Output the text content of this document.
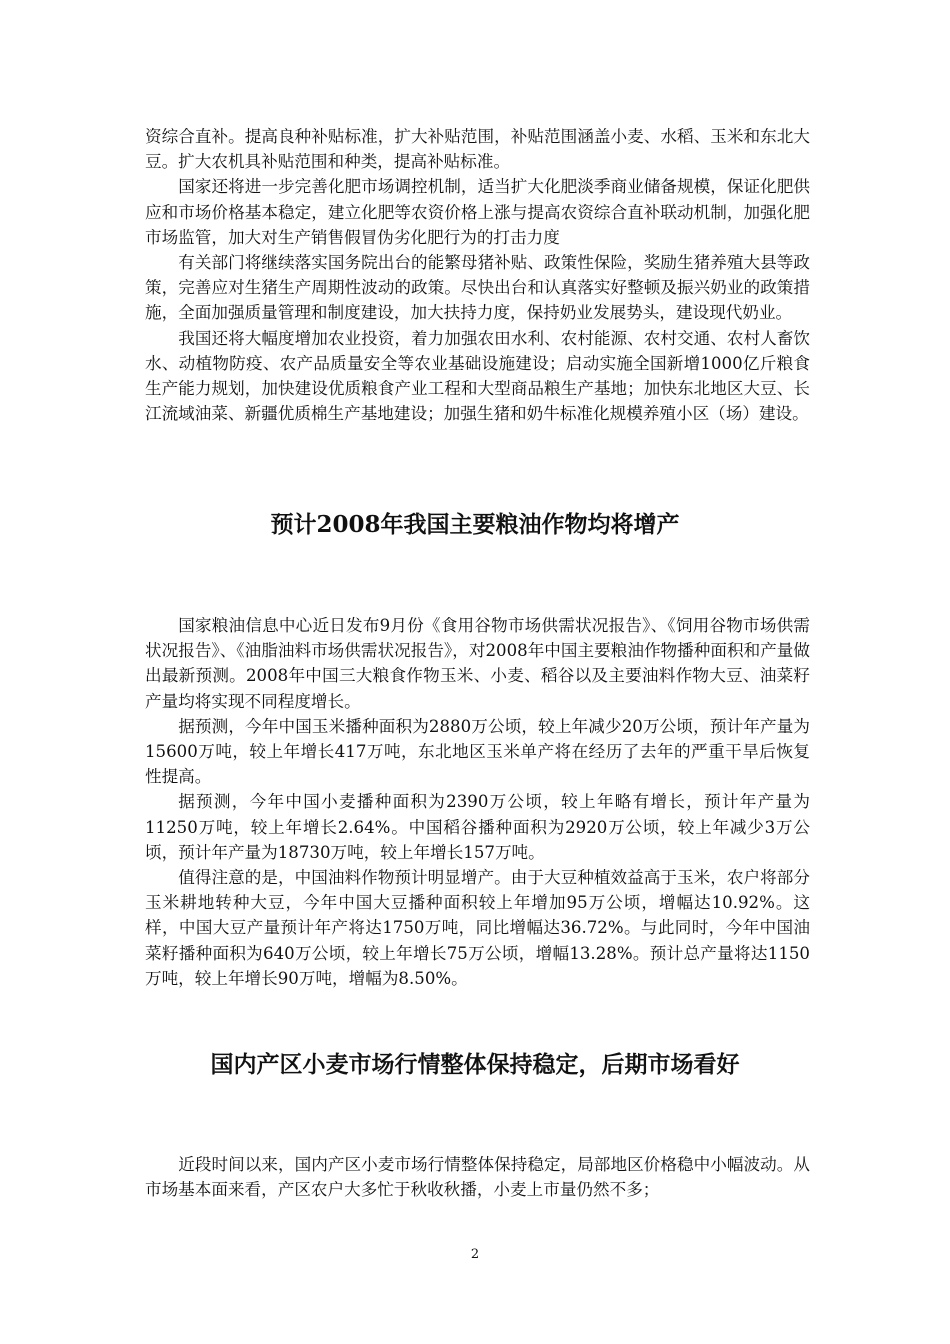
资综合直补。提高良种补贴标准，扩大补贴范围，补贴范围涵盖小麦、水稻、玉米和东北大豆。扩大农机具补贴范围和种类，提高补贴标准。

国家还将进一步完善化肥市场调控机制，适当扩大化肥淡季商业储备规模，保证化肥供应和市场价格基本稳定，建立化肥等农资价格上涨与提高农资综合直补联动机制，加强化肥市场监管，加大对生产销售假冒伪劣化肥行为的打击力度

有关部门将继续落实国务院出台的能繁母猪补贴、政策性保险，奖励生猪养殖大县等政策，完善应对生猪生产周期性波动的政策。尽快出台和认真落实好整顿及振兴奶业的政策措施，全面加强质量管理和制度建设，加大扶持力度，保持奶业发展势头，建设现代奶业。

我国还将大幅度增加农业投资，着力加强农田水利、农村能源、农村交通、农村人畜饮水、动植物防疫、农产品质量安全等农业基础设施建设；启动实施全国新增1000亿斤粮食生产能力规划，加快建设优质粮食产业工程和大型商品粮生产基地；加快东北地区大豆、长江流域油菜、新疆优质棉生产基地建设；加强生猪和奶牛标准化规模养殖小区（场）建设。

预计2008年我国主要粮油作物均将增产

国家粮油信息中心近日发布9月份《食用谷物市场供需状况报告》、《饲用谷物市场供需状况报告》、《油脂油料市场供需状况报告》，对2008年中国主要粮油作物播种面积和产量做出最新预测。2008年中国三大粮食作物玉米、小麦、稻谷以及主要油料作物大豆、油菜籽产量均将实现不同程度增长。

据预测，今年中国玉米播种面积为2880万公顷，较上年减少20万公顷，预计年产量为15600万吨，较上年增长417万吨，东北地区玉米单产将在经历了去年的严重干旱后恢复性提高。

据预测，今年中国小麦播种面积为2390万公顷，较上年略有增长，预计年产量为11250万吨，较上年增长2.64%。中国稻谷播种面积为2920万公顷，较上年减少3万公顷，预计年产量为18730万吨，较上年增长157万吨。

值得注意的是，中国油料作物预计明显增产。由于大豆种植效益高于玉米，农户将部分玉米耕地转种大豆，今年中国大豆播种面积较上年增加95万公顷，增幅达10.92%。这样，中国大豆产量预计年产将达1750万吨，同比增幅达36.72%。与此同时，今年中国油菜籽播种面积为640万公顷，较上年增长75万公顷，增幅13.28%。预计总产量将达1150万吨，较上年增长90万吨，增幅为8.50%。

国内产区小麦市场行情整体保持稳定，后期市场看好

近段时间以来，国内产区小麦市场行情整体保持稳定，局部地区价格稳中小幅波动。从市场基本面来看，产区农户大多忙于秋收秋播，小麦上市量仍然不多；

2
